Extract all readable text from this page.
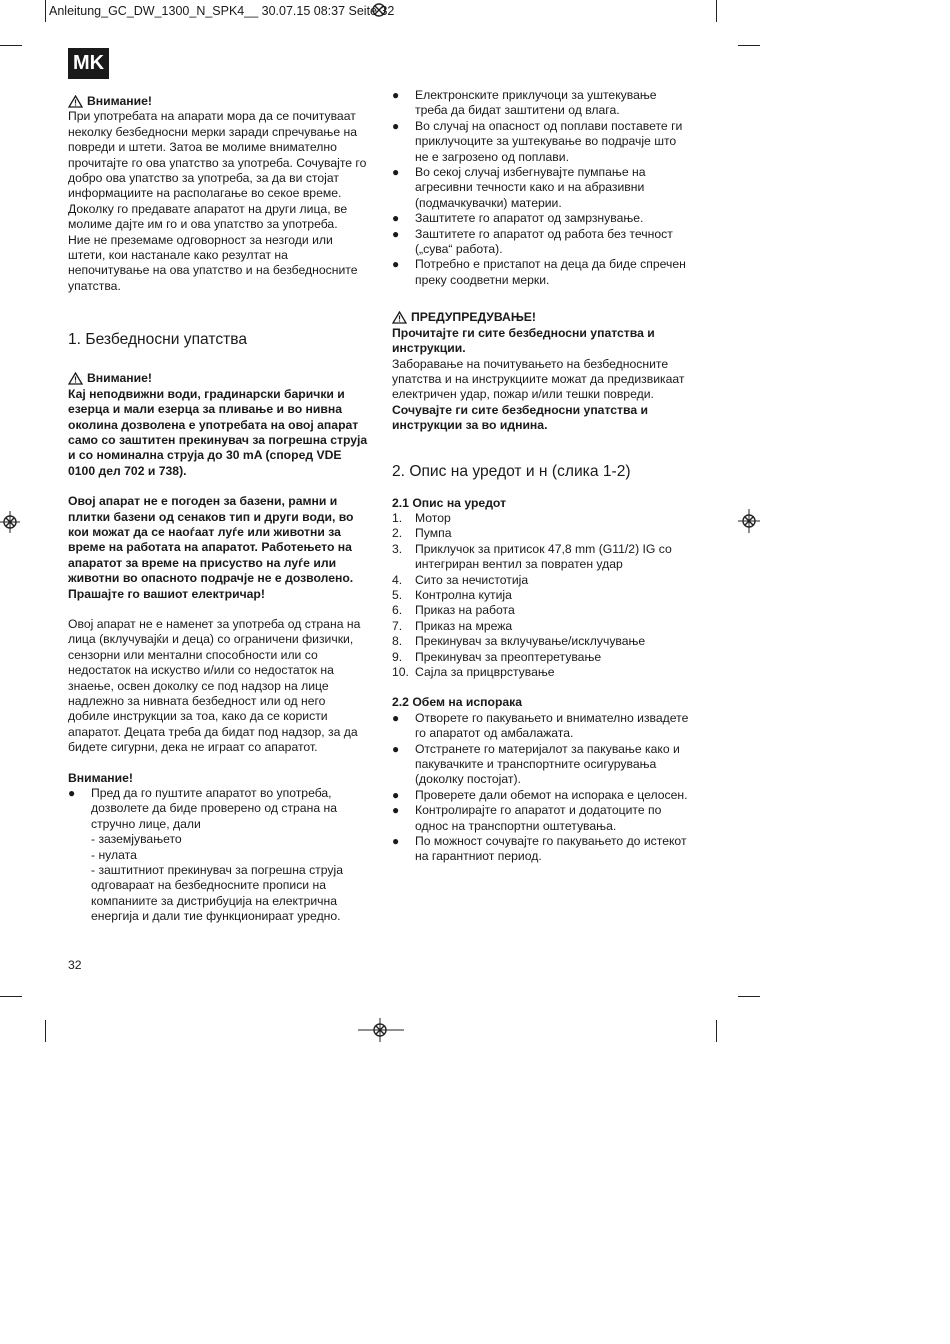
Anleitung_GC_DW_1300_N_SPK4__ 30.07.15 08:37 Seite 32
MK
Внимание!

При употребата на апарати мора да се почитуваат неколку безбедносни мерки заради спречување на повреди и штети. Затоа ве молиме внимателно прочитајте го ова упатство за употреба. Сочувајте го добро ова упатство за употреба, за да ви стојат информациите на располагање во секое време. Доколку го предавате апаратот на други лица, ве молиме дајте им го и ова упатство за употреба.

Ние не преземаме одговорност за незгоди или штети, кои настанале како резултат на непочитување на ова упатство и на безбедносните упатства.

1. Безбедносни упатства
Внимание!

Кај неподвижни води, градинарски барички и езерца и мали езерца за пливање и во нивна околина дозволена е употребата на овој апарат само со заштитен прекинувач за погрешна струја и со номинална струја до 30 mA (според VDE 0100 дел 702 и 738).

Овој апарат не е погоден за базени, рамни и плитки базени од сенаков тип и други води, во кои можат да се наоѓаат луѓе или животни за време на работата на апаратот. Работењето на апаратот за време на присуство на луѓе или животни во опасното подрачје не е дозволено. Прашајте го вашиот електричар!

Овој апарат не е наменет за употреба од страна на лица (вклучувајќи и деца) со ограничени физички, сензорни или ментални способности или со недостаток на искуство и/или со недостаток на знаење, освен доколку се под надзор на лице надлежно за нивната безбедност или од него добиле инструкции за тоа, како да се користи апаратот. Децата треба да бидат под надзор, за да бидете сигурни, дека не играат со апаратот.

Внимание!

●	Пред да го пуштите апаратот во употреба, дозволете да биде проверено од страна на стручно лице, дали

- заземјувањето

- нулата

- заштитниот прекинувач за погрешна струја одговараат на безбедносните прописи на компаниите за дистрибуција на електрична енергија и дали тие функционираат уредно.

●	Електронските приклучоци за уштекување треба да бидат заштитени од влага.
●	Во случај на опасност од поплави поставете ги приклучоците за уштекување во подрачје што не е загрозено од поплави.
●	Во секој случај избегнувајте пумпање на агресивни течности како и на абразивни (подмачкувачки) материи.
●	Заштитете го апаратот од замрзнување.
●	Заштитете го апаратот од работа без течност („сува“ работа).
●	Потребно е пристапот на деца да биде спречен преку соодветни мерки.
ПРЕДУПРЕДУВАЊЕ!

Прочитајте ги сите безбедносни упатства и инструкции.

Заборавање на почитувањето на безбедносните упатства и на инструкциите можат да предизвикаат електричен удар, пожар и/или тешки повреди.

Сочувајте ги сите безбедносни упатства и инструкции за во иднина.

2. Опис на уредот и н (слика 1-2)

2.1 Опис на уредот

1.	Мотор
2.	Пумпа
3.	Приклучок за притисок 47,8 mm (G11/2) IG со интегриран вентил за повратен удар
4.	Сито за нечистотија
5.	Контролна кутија
6.	Приказ на работа
7.	Приказ на мрежа
8.	Прекинувач за вклучување/исклучување
9.	Прекинувач за преоптеретување
10. Сајла за прицврстување

2.2 Обем на испорака

●	Отворете го пакувањето и внимателно извадете го апаратот од амбалажата.
●	Отстранете го материјалот за пакување како и пакувачките и транспортните осигурувања (доколку постојат).
●	Проверете дали обемот на испорака е целосен.
●	Контролирајте го апаратот и додатоците по однос на транспортни оштетувања.
●	По можност сочувајте го пакувањето до истекот на гарантниот период.
32
